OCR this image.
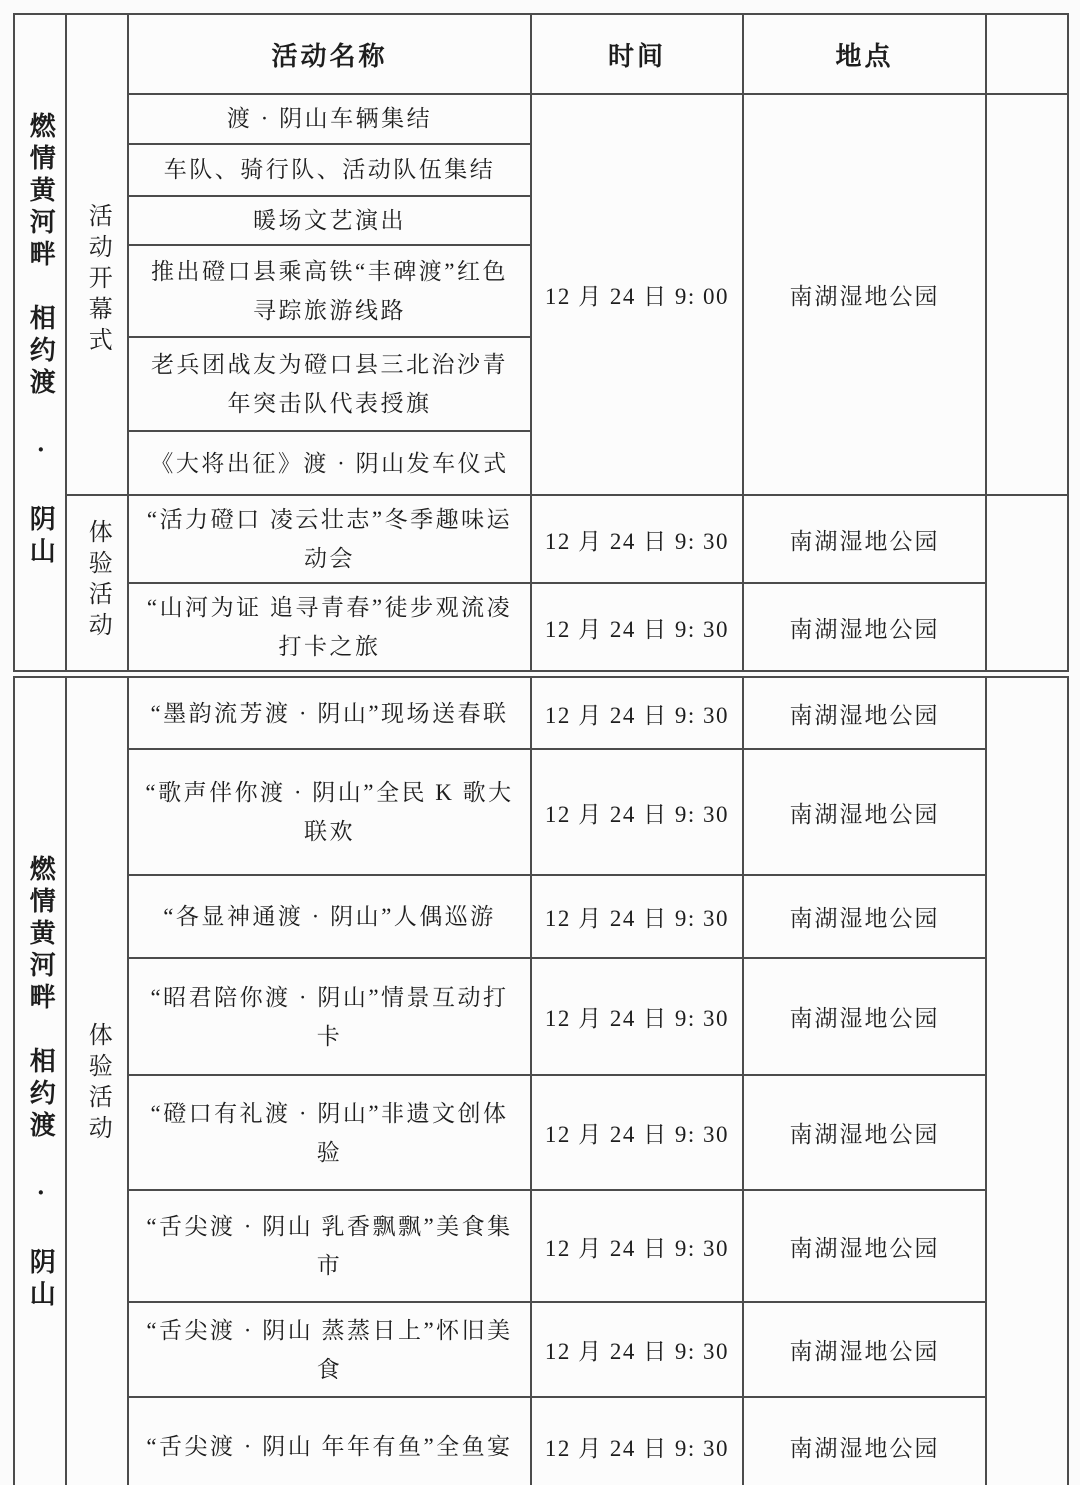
燃情黄河畔　相约渡 · 阴山	活动开幕式	活动名称	时间	地点	
		渡 · 阴山车辆集结	12 月 24 日 9: 00	南湖湿地公园	
		车队、骑行队、活动队伍集结			
		暖场文艺演出			
		推出磴口县乘高铁“丰碑渡”红色寻踪旅游线路			
		老兵团战友为磴口县三北治沙青年突击队代表授旗			
		《大将出征》渡 · 阴山发车仪式			
	体验活动	“活力磴口 凌云壮志”冬季趣味运动会	12 月 24 日 9: 30	南湖湿地公园	
		“山河为证 追寻青春”徒步观流凌打卡之旅	12 月 24 日 9: 30	南湖湿地公园	
燃情黄河畔　相约渡 · 阴山	体验活动	“墨韵流芳渡 · 阴山”现场送春联	12 月 24 日 9: 30	南湖湿地公园	
		“歌声伴你渡 · 阴山”全民 K 歌大联欢	12 月 24 日 9: 30	南湖湿地公园	
		“各显神通渡 · 阴山”人偶巡游	12 月 24 日 9: 30	南湖湿地公园	
		“昭君陪你渡 · 阴山”情景互动打卡	12 月 24 日 9: 30	南湖湿地公园	
		“磴口有礼渡 · 阴山”非遗文创体验	12 月 24 日 9: 30	南湖湿地公园	
		“舌尖渡 · 阴山 乳香飘飘”美食集市	12 月 24 日 9: 30	南湖湿地公园	
		“舌尖渡 · 阴山 蒸蒸日上”怀旧美食	12 月 24 日 9: 30	南湖湿地公园	
		“舌尖渡 · 阴山 年年有鱼”全鱼宴	12 月 24 日 9: 30	南湖湿地公园	
